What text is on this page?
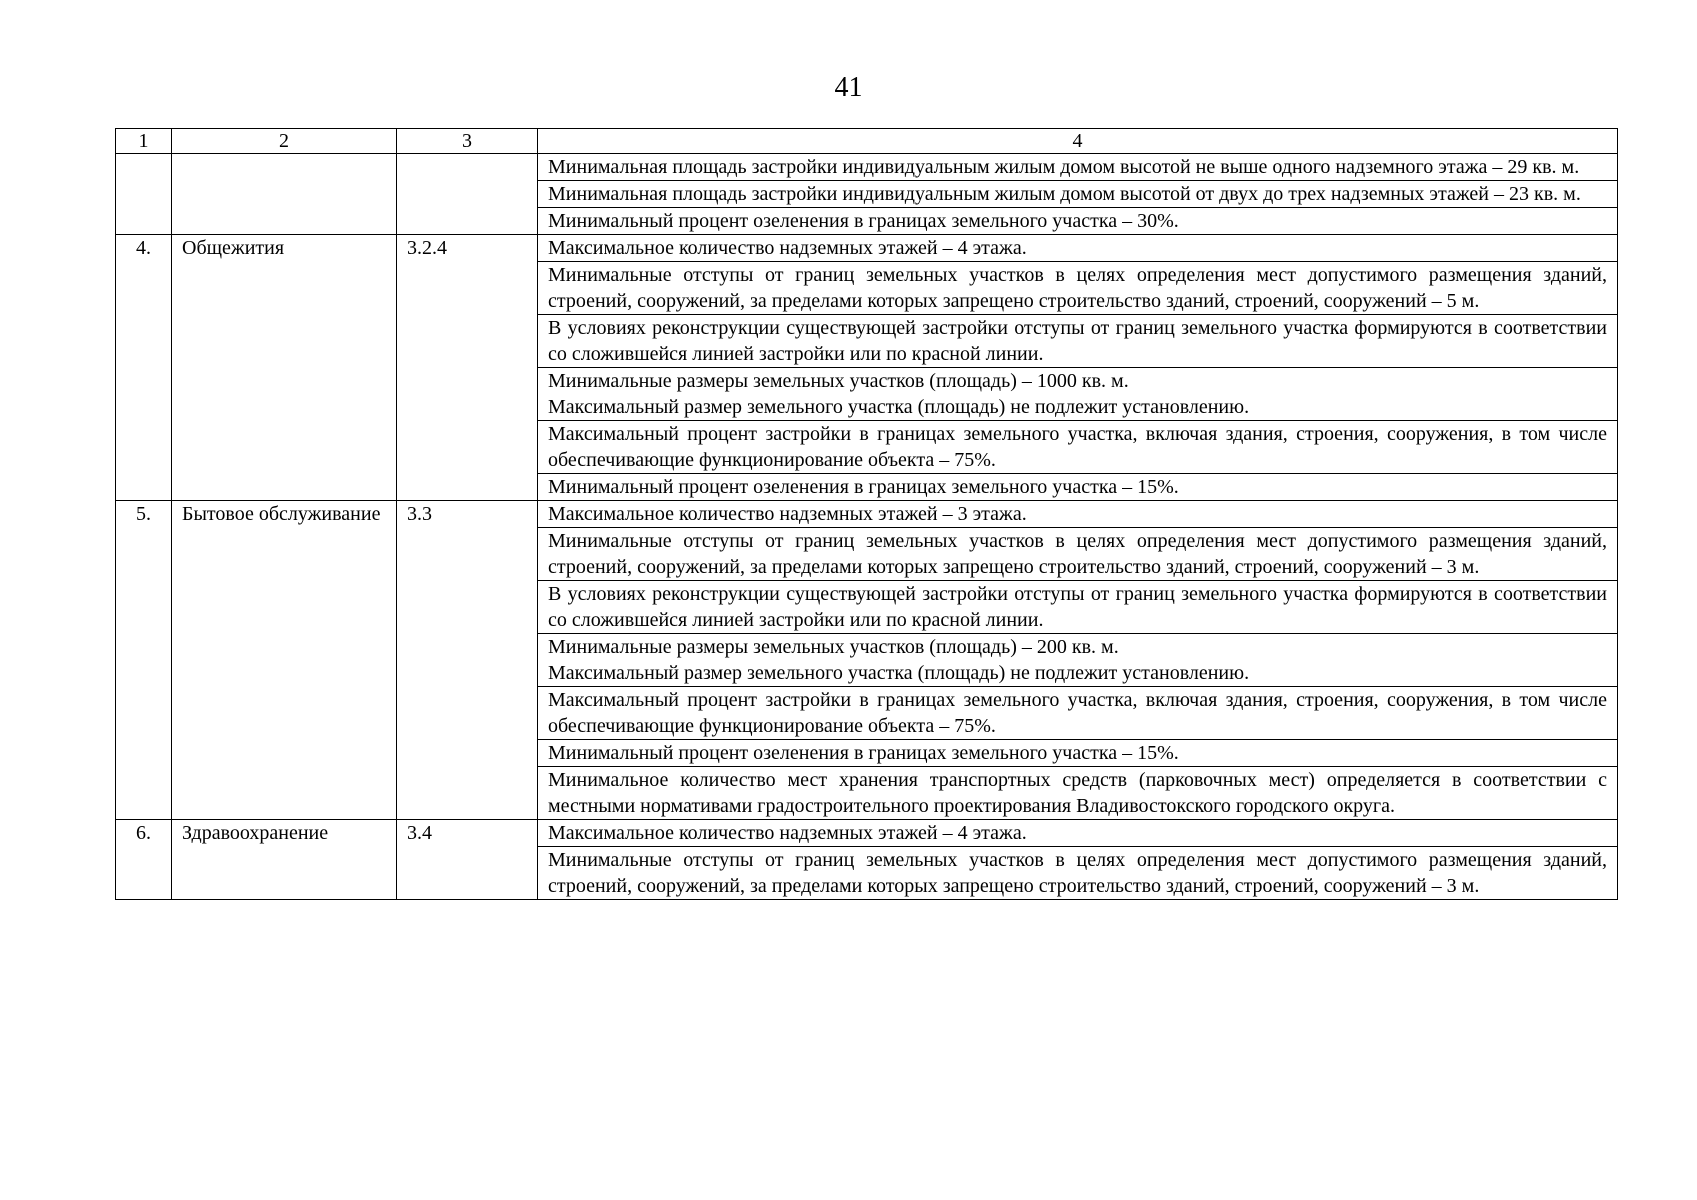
41
1	2	3	4
			Минимальная площадь застройки индивидуальным жилым домом высотой не выше одного надземного этажа – 29 кв. м.
			Минимальная площадь застройки индивидуальным жилым домом высотой от двух до трех надземных этажей – 23 кв. м.
			Минимальный процент озеленения в границах земельного участка – 30%.
4.	Общежития	3.2.4	Максимальное количество надземных этажей – 4 этажа.
			Минимальные отступы от границ земельных участков в целях определения мест допустимого размещения зданий, строений, сооружений, за пределами которых запрещено строительство зданий, строений, сооружений – 5 м.
			В условиях реконструкции существующей застройки отступы от границ земельного участка формируются в соответствии со сложившейся линией застройки или по красной линии.

			Минимальные размеры земельных участков (площадь) – 1000 кв. м.
Максимальный размер земельного участка (площадь) не подлежит установлению.

			Максимальный процент застройки в границах земельного участка, включая здания, строения, сооружения, в том числе обеспечивающие функционирование объекта – 75%.
			Минимальный процент озеленения в границах земельного участка – 15%.
5.	Бытовое обслуживание	3.3	Максимальное количество надземных этажей – 3 этажа.
			Минимальные отступы от границ земельных участков в целях определения мест допустимого размещения зданий, строений, сооружений, за пределами которых запрещено строительство зданий, строений, сооружений – 3 м.
			В условиях реконструкции существующей застройки отступы от границ земельного участка формируются в соответствии со сложившейся линией застройки или по красной линии.

			Минимальные размеры земельных участков (площадь) – 200 кв. м.
Максимальный размер земельного участка (площадь) не подлежит установлению.

			Максимальный процент застройки в границах земельного участка, включая здания, строения, сооружения, в том числе обеспечивающие функционирование объекта – 75%.
			Минимальный процент озеленения в границах земельного участка – 15%.
			Минимальное количество мест хранения транспортных средств (парковочных мест) определяется в соответствии с местными нормативами градостроительного проектирования Владивостокского городского округа.
6.	Здравоохранение	3.4	Максимальное количество надземных этажей – 4 этажа.
			Минимальные отступы от границ земельных участков в целях определения мест допустимого размещения зданий, строений, сооружений, за пределами которых запрещено строительство зданий, строений, сооружений – 3 м.
